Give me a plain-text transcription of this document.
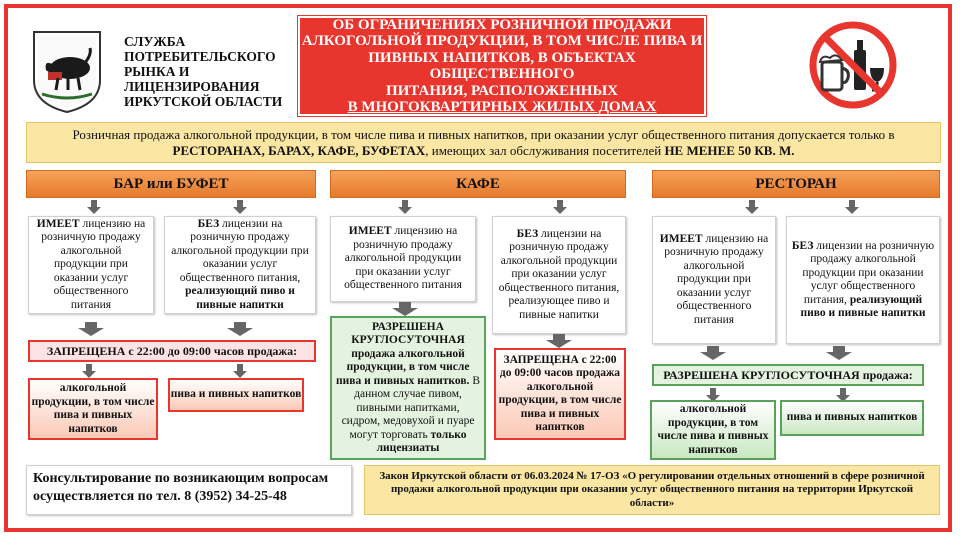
СЛУЖБА
ПОТРЕБИТЕЛЬСКОГО
РЫНКА И
ЛИЦЕНЗИРОВАНИЯ
ИРКУТСКОЙ ОБЛАСТИ
ОБ ОГРАНИЧЕНИЯХ РОЗНИЧНОЙ ПРОДАЖИ
АЛКОГОЛЬНОЙ ПРОДУКЦИИ, В ТОМ ЧИСЛЕ ПИВА И
ПИВНЫХ НАПИТКОВ, В ОБЪЕКТАХ ОБЩЕСТВЕННОГО
ПИТАНИЯ, РАСПОЛОЖЕННЫХ
В МНОГОКВАРТИРНЫХ ЖИЛЫХ ДОМАХ
Розничная продажа алкогольной продукции, в том числе пива и пивных напитков, при оказании услуг общественного питания допускается только в РЕСТОРАНАХ, БАРАХ, КАФЕ, БУФЕТАХ, имеющих зал обслуживания посетителей НЕ МЕНЕЕ 50 КВ. М.
БАР или БУФЕТ	КАФЕ	РЕСТОРАН
ИМЕЕТ лицензию на розничную продажу алкогольной продукции при оказании услуг общественного питания
БЕЗ лицензии на розничную продажу алкогольной продукции при оказании услуг общественного питания, реализующий пиво и пивные напитки
ЗАПРЕЩЕНА с 22:00 до 09:00 часов продажа:
алкогольной продукции, в том числе пива и пивных напитков
пива и пивных напитков
ИМЕЕТ лицензию на розничную продажу алкогольной продукции при оказании услуг общественного питания
БЕЗ лицензии на розничную продажу алкогольной продукции при оказании услуг общественного питания, реализующее пиво и пивные напитки
РАЗРЕШЕНА КРУГЛОСУТОЧНАЯ продажа алкогольной продукции, в том числе пива и пивных напитков. В данном случае пивом, пивными напитками, сидром, медовухой и пуаре могут торговать только лицензиаты
ЗАПРЕЩЕНА с 22:00 до 09:00 часов продажа алкогольной продукции, в том числе пива и пивных напитков
ИМЕЕТ лицензию на розничную продажу алкогольной продукции при оказании услуг общественного питания
БЕЗ лицензии на розничную продажу алкогольной продукции при оказании услуг общественного питания, реализующий пиво и пивные напитки
РАЗРЕШЕНА КРУГЛОСУТОЧНАЯ продажа:
алкогольной продукции, в том числе пива и пивных напитков
пива и пивных напитков
Консультирование по возникающим вопросам
осуществляется по тел. 8 (3952) 34-25-48
Закон Иркутской области от 06.03.2024 № 17-ОЗ «О регулировании отдельных отношений в сфере розничной продажи алкогольной продукции при оказании услуг общественного питания на территории Иркутской области»
